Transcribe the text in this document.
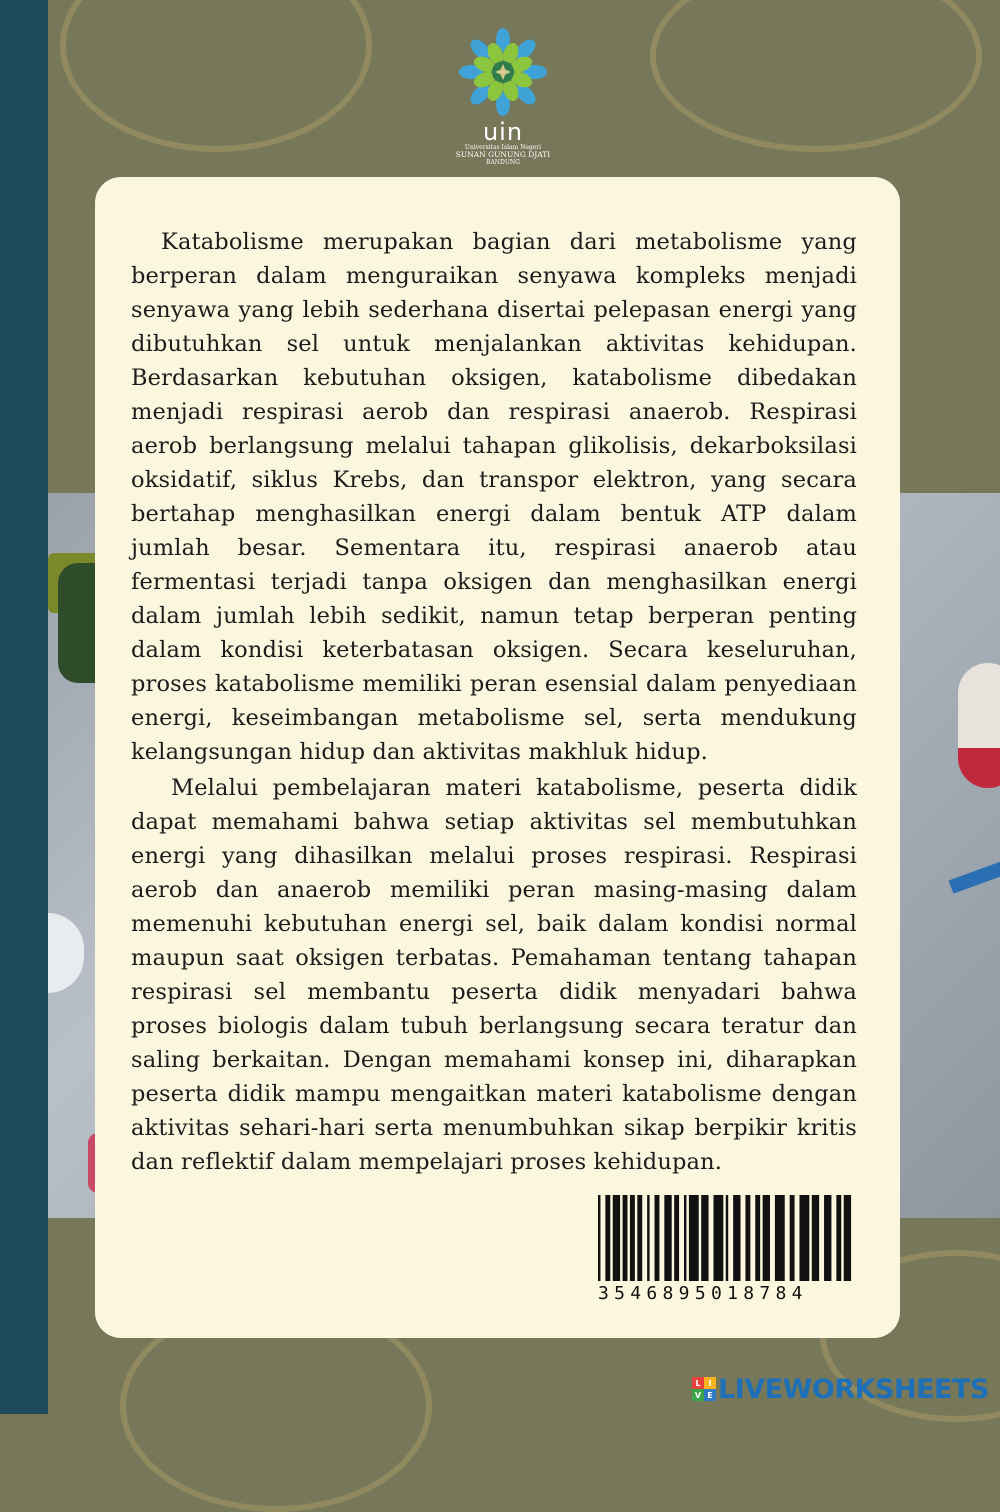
uin
Universitas Islam Negeri
SUNAN GUNUNG DJATI
BANDUNG

Katabolisme merupakan bagian dari metabolisme yang berperan dalam menguraikan senyawa kompleks menjadi senyawa yang lebih sederhana disertai pelepasan energi yang dibutuhkan sel untuk menjalankan aktivitas kehidupan. Berdasarkan kebutuhan oksigen, katabolisme dibedakan menjadi respirasi aerob dan respirasi anaerob. Respirasi aerob berlangsung melalui tahapan glikolisis, dekarboksilasi oksidatif, siklus Krebs, dan transpor elektron, yang secara bertahap menghasilkan energi dalam bentuk ATP dalam jumlah besar. Sementara itu, respirasi anaerob atau fermentasi terjadi tanpa oksigen dan menghasilkan energi dalam jumlah lebih sedikit, namun tetap berperan penting dalam kondisi keterbatasan oksigen. Secara keseluruhan, proses katabolisme memiliki peran esensial dalam penyediaan energi, keseimbangan metabolisme sel, serta mendukung kelangsungan hidup dan aktivitas makhluk hidup.

Melalui pembelajaran materi katabolisme, peserta didik dapat memahami bahwa setiap aktivitas sel membutuhkan energi yang dihasilkan melalui proses respirasi. Respirasi aerob dan anaerob memiliki peran masing-masing dalam memenuhi kebutuhan energi sel, baik dalam kondisi normal maupun saat oksigen terbatas. Pemahaman tentang tahapan respirasi sel membantu peserta didik menyadari bahwa proses biologis dalam tubuh berlangsung secara teratur dan saling berkaitan. Dengan memahami konsep ini, diharapkan peserta didik mampu mengaitkan materi katabolisme dengan aktivitas sehari-hari serta menumbuhkan sikap berpikir kritis dan reflektif dalam mempelajari proses kehidupan.

3546895018784
L I
V E LIVEWORKSHEETS
